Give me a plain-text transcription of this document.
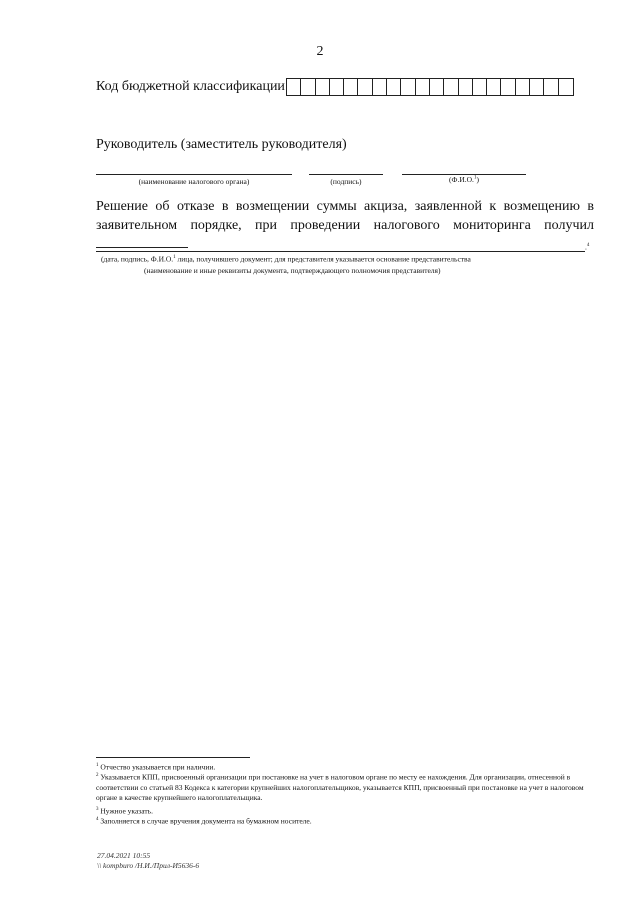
2
Код бюджетной классификации
Руководитель (заместитель руководителя)
(наименование налогового органа)	(подпись)	(Ф.И.О.$^1$)
Решение об отказе в возмещении суммы акциза, заявленной к возмещению в
заявительном порядке, при проведении налогового мониторинга получил
.$^4$
(дата, подпись, Ф.И.О.$^1$ лица, получившего документ; для представителя указывается основание представительства
(наименование и иные реквизиты документа, подтверждающего полномочия представителя)
$^1$ Отчество указывается при наличии.
$^2$ Указывается КПП, присвоенный организации при постановке на учет в налоговом органе по месту ее нахождения. Для организации, отнесенной в соответствии со статьей 83 Кодекса к категории крупнейших налогоплательщиков, указывается КПП, присвоенный при постановке на учет в налоговом органе в качестве крупнейшего налогоплательщика.
$^3$ Нужное указать.
$^4$ Заполняется в случае вручения документа на бумажном носителе.
27.04.2021 10:55
\\ kompburo /Н.И./Прил-И5636-6
